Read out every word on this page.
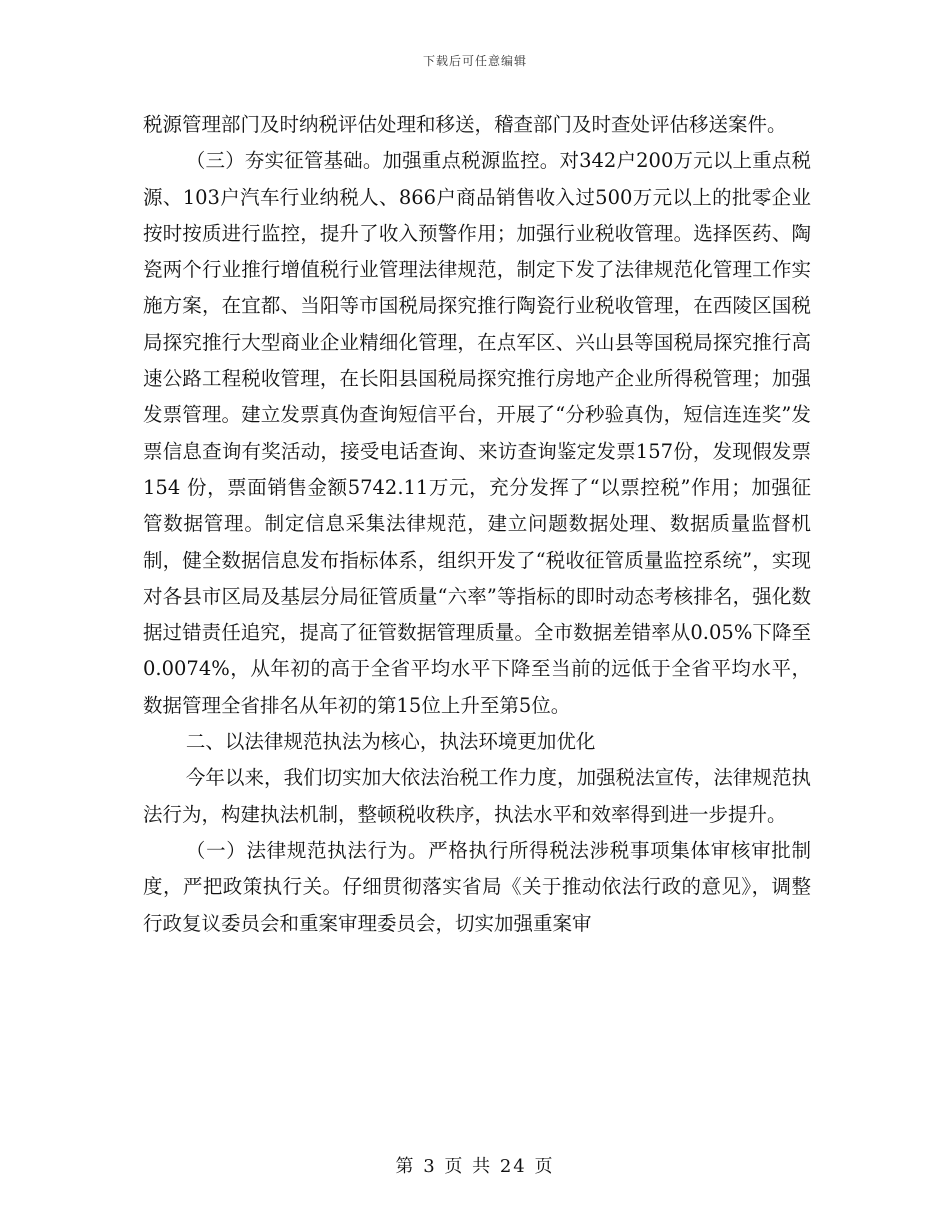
下载后可任意编辑

税源管理部门及时纳税评估处理和移送，稽查部门及时查处评估移送案件。

（三）夯实征管基础。加强重点税源监控。对342户200万元以上重点税源、103户汽车行业纳税人、866户商品销售收入过500万元以上的批零企业按时按质进行监控，提升了收入预警作用；加强行业税收管理。选择医药、陶瓷两个行业推行增值税行业管理法律规范，制定下发了法律规范化管理工作实施方案，在宜都、当阳等市国税局探究推行陶瓷行业税收管理，在西陵区国税局探究推行大型商业企业精细化管理，在点军区、兴山县等国税局探究推行高速公路工程税收管理，在长阳县国税局探究推行房地产企业所得税管理；加强发票管理。建立发票真伪查询短信平台，开展了“分秒验真伪，短信连连奖”发票信息查询有奖活动，接受电话查询、来访查询鉴定发票157份，发现假发票154 份，票面销售金额5742.11万元，充分发挥了“以票控税”作用；加强征管数据管理。制定信息采集法律规范，建立问题数据处理、数据质量监督机制，健全数据信息发布指标体系，组织开发了“税收征管质量监控系统”，实现对各县市区局及基层分局征管质量“六率”等指标的即时动态考核排名，强化数据过错责任追究，提高了征管数据管理质量。全市数据差错率从0.05%下降至0.0074%，从年初的高于全省平均水平下降至当前的远低于全省平均水平，数据管理全省排名从年初的第15位上升至第5位。

二、以法律规范执法为核心，执法环境更加优化

今年以来，我们切实加大依法治税工作力度，加强税法宣传，法律规范执法行为，构建执法机制，整顿税收秩序，执法水平和效率得到进一步提升。

（一）法律规范执法行为。严格执行所得税法涉税事项集体审核审批制度，严把政策执行关。仔细贯彻落实省局《关于推动依法行政的意见》，调整行政复议委员会和重案审理委员会，切实加强重案审

第 3 页 共 24 页
